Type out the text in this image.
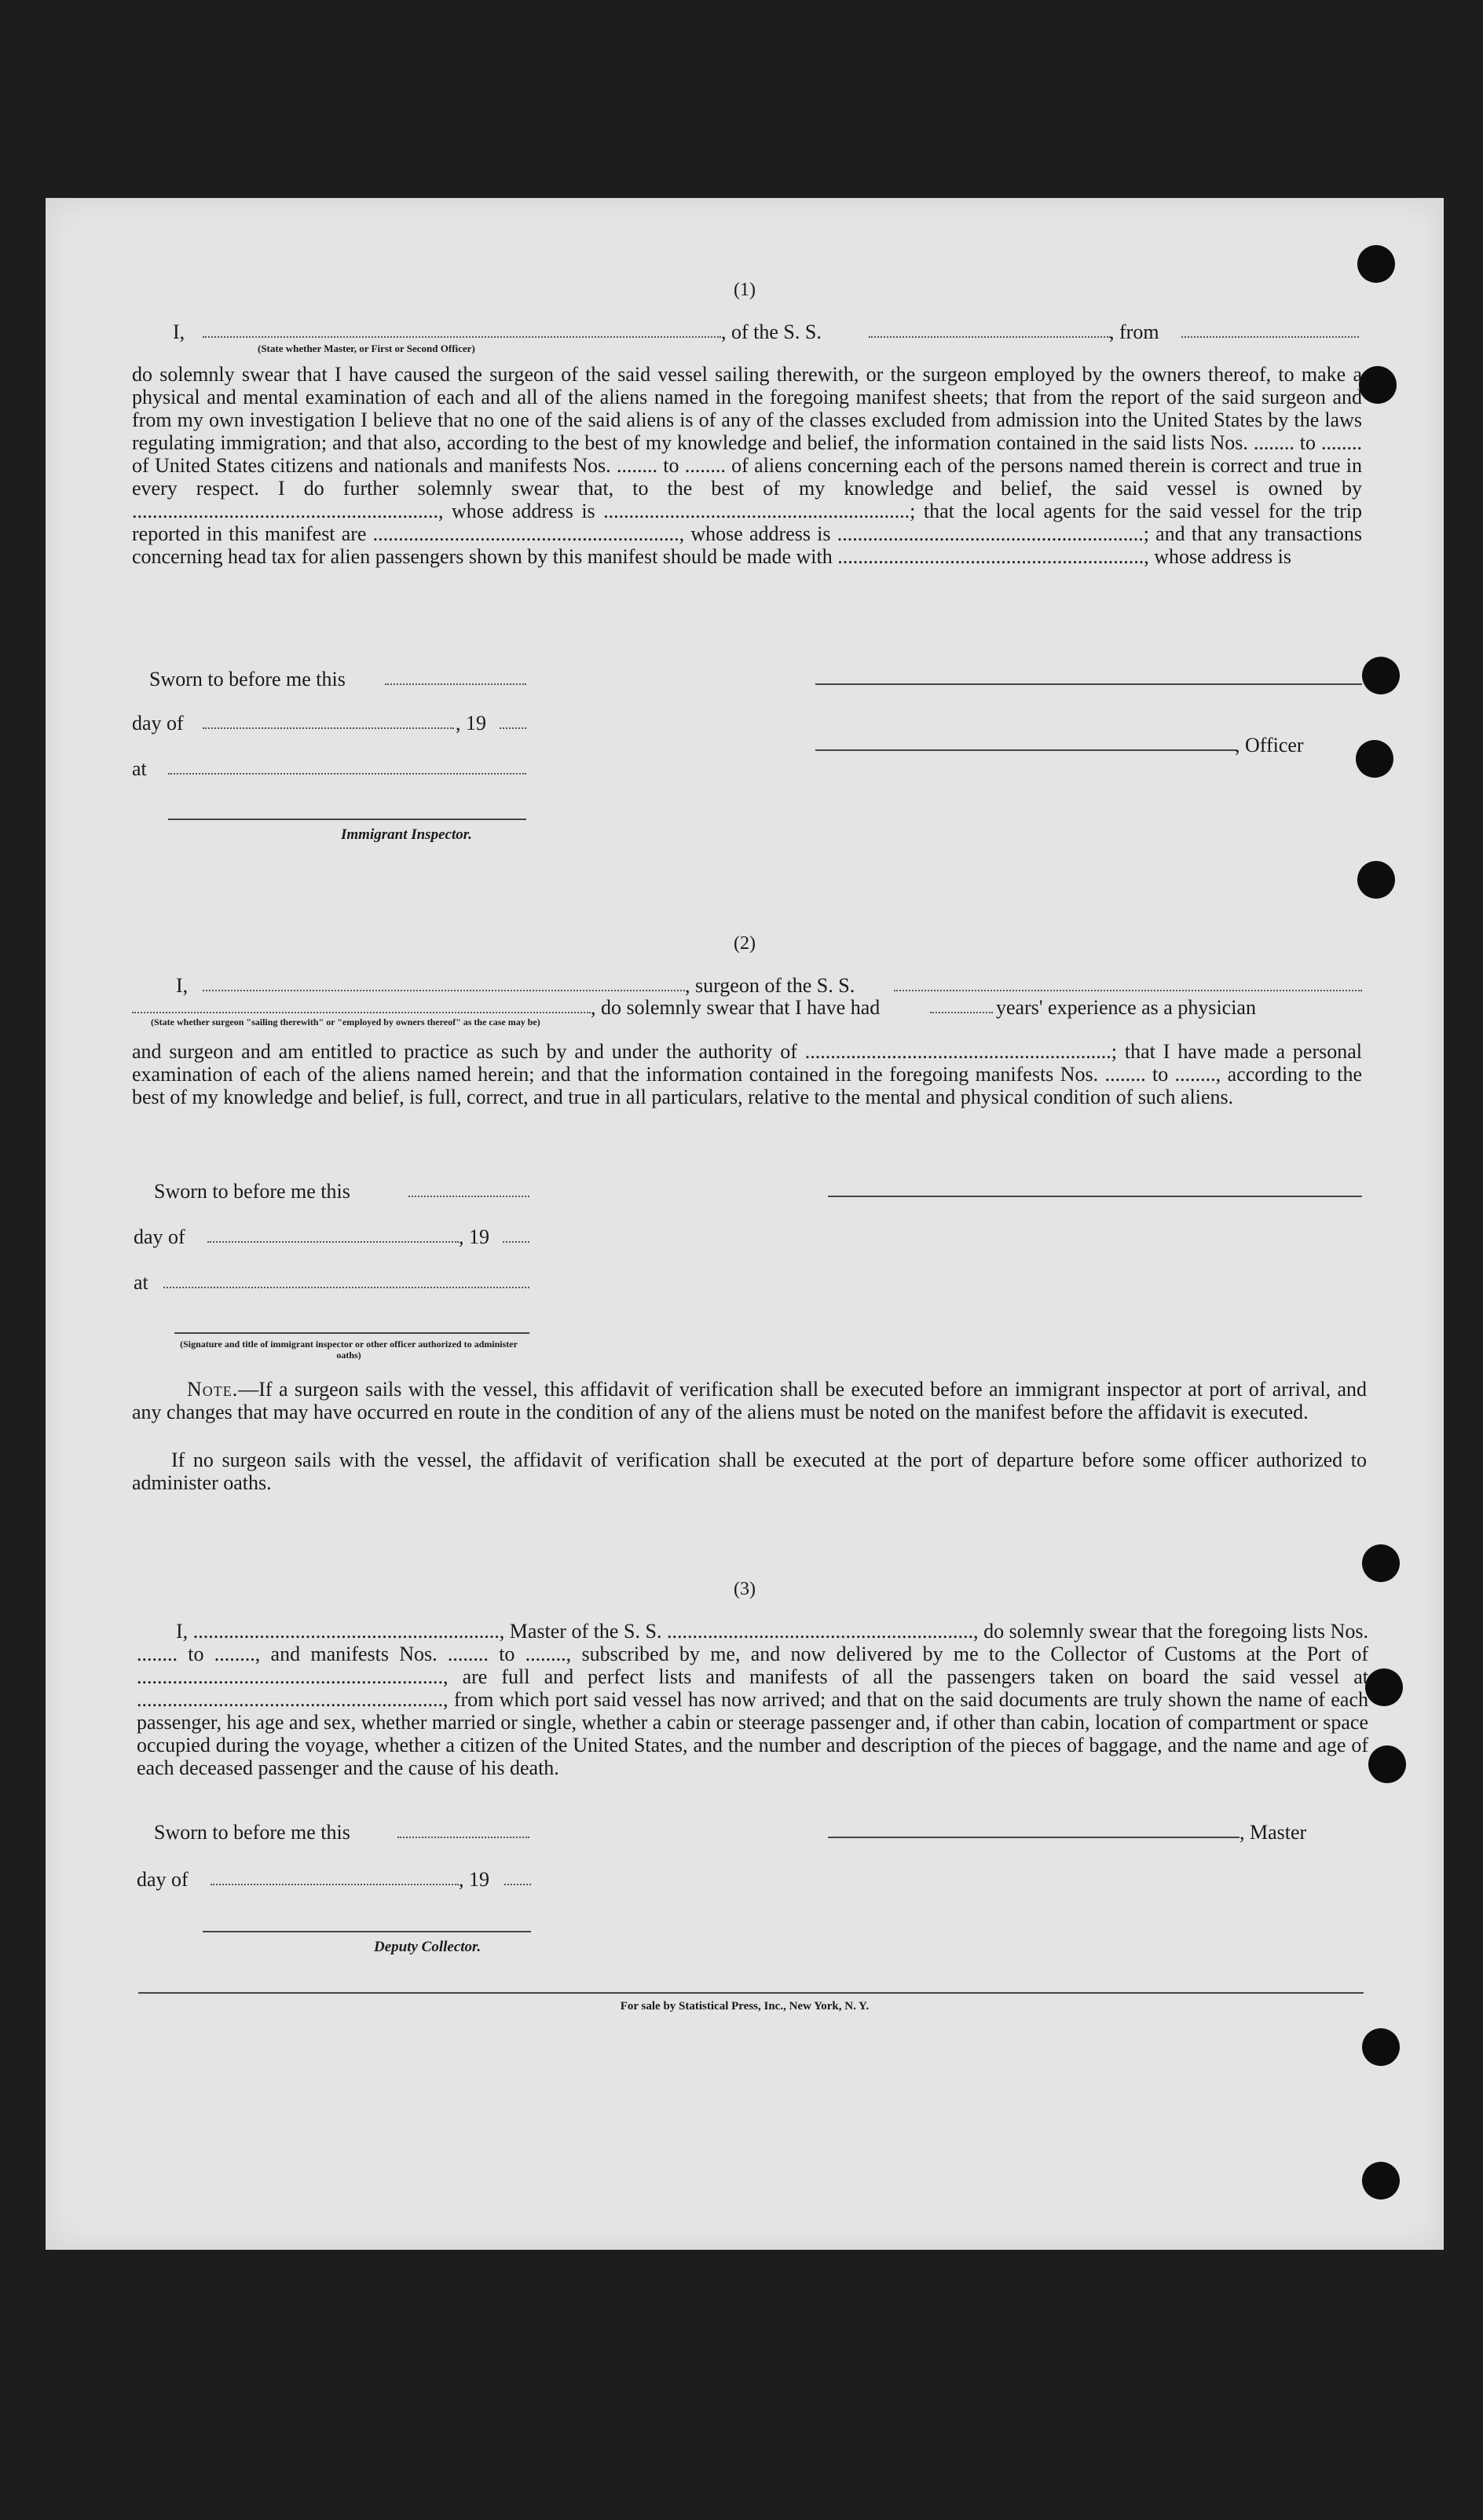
(1)
I,	, of the S. S.	, from
(State whether Master, or First or Second Officer)
do solemnly swear that I have caused the surgeon of the said vessel sailing therewith, or the surgeon employed by the owners thereof, to make a physical and mental examination of each and all of the aliens named in the foregoing manifest sheets; that from the report of the said surgeon and from my own investigation I believe that no one of the said aliens is of any of the classes excluded from admission into the United States by the laws regulating immigration; and that also, according to the best of my knowledge and belief, the information contained in the said lists Nos. ........ to ........ of United States citizens and nationals and manifests Nos. ........ to ........ of aliens concerning each of the persons named therein is correct and true in every respect. I do further solemnly swear that, to the best of my knowledge and belief, the said vessel is owned by ............................................................, whose address is ............................................................; that the local agents for the said vessel for the trip reported in this manifest are ............................................................, whose address is ............................................................; and that any transactions concerning head tax for alien passengers shown by this manifest should be made with ............................................................, whose address is
Sworn to before me this
day of	, 19
, Officer
at
Immigrant Inspector.
(2)
I,	, surgeon of the S. S.
, do solemnly swear that I have had	years' experience as a physician
(State whether surgeon "sailing therewith" or "employed by owners thereof" as the case may be)
and surgeon and am entitled to practice as such by and under the authority of ............................................................; that I have made a personal examination of each of the aliens named herein; and that the information contained in the foregoing manifests Nos. ........ to ........, according to the best of my knowledge and belief, is full, correct, and true in all particulars, relative to the mental and physical condition of such aliens.
Sworn to before me this
day of	, 19
at
(Signature and title of immigrant inspector or other officer authorized to administer oaths)
Note.—If a surgeon sails with the vessel, this affidavit of verification shall be executed before an immigrant inspector at port of arrival, and any changes that may have occurred en route in the condition of any of the aliens must be noted on the manifest before the affidavit is executed.
If no surgeon sails with the vessel, the affidavit of verification shall be executed at the port of departure before some officer authorized to administer oaths.
(3)
I, ............................................................, Master of the S. S. ............................................................, do solemnly swear that the foregoing lists Nos. ........ to ........, and manifests Nos. ........ to ........, subscribed by me, and now delivered by me to the Collector of Customs at the Port of ............................................................, are full and perfect lists and manifests of all the passengers taken on board the said vessel at ............................................................, from which port said vessel has now arrived; and that on the said documents are truly shown the name of each passenger, his age and sex, whether married or single, whether a cabin or steerage passenger and, if other than cabin, location of compartment or space occupied during the voyage, whether a citizen of the United States, and the number and description of the pieces of baggage, and the name and age of each deceased passenger and the cause of his death.
Sworn to before me this	, Master
day of	, 19
Deputy Collector.
For sale by Statistical Press, Inc., New York, N. Y.
